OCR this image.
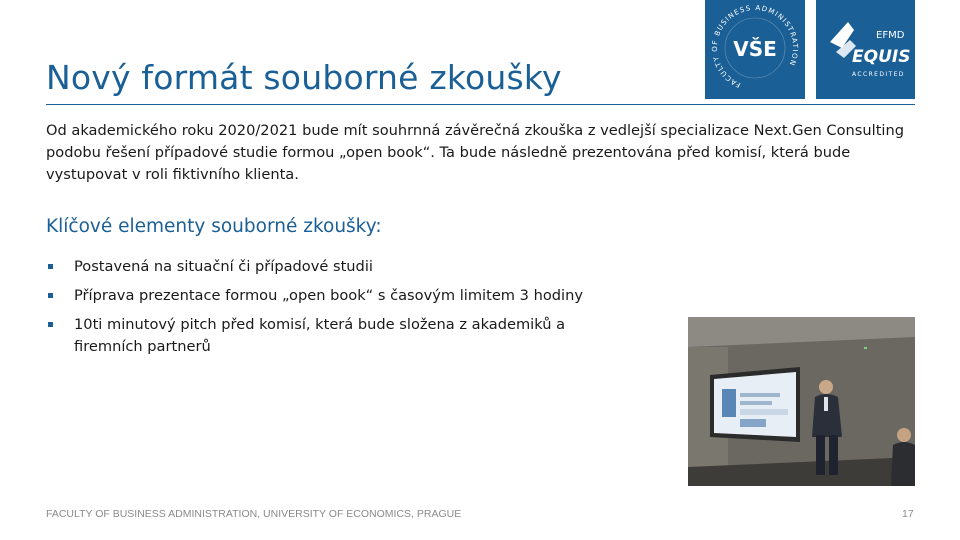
FACULTY OF BUSINESS ADMINISTRATION
VŠE
EFMD
EQUIS
ACCREDITED
Nový formát souborné zkoušky
Od akademického roku 2020/2021 bude mít souhrnná závěrečná zkouška z vedlejší specializace Next.Gen Consulting podobu řešení případové studie formou „open book“. Ta bude následně prezentována před komisí, která bude vystupovat v roli fiktivního klienta.
Klíčové elementy souborné zkoušky:
Postavená na situační či případové studii
Příprava prezentace formou „open book“ s časovým limitem 3 hodiny
10ti minutový pitch před komisí, která bude složena z akademiků a firemních partnerů
FACULTY OF BUSINESS ADMINISTRATION, UNIVERSITY OF ECONOMICS, PRAGUE	17
